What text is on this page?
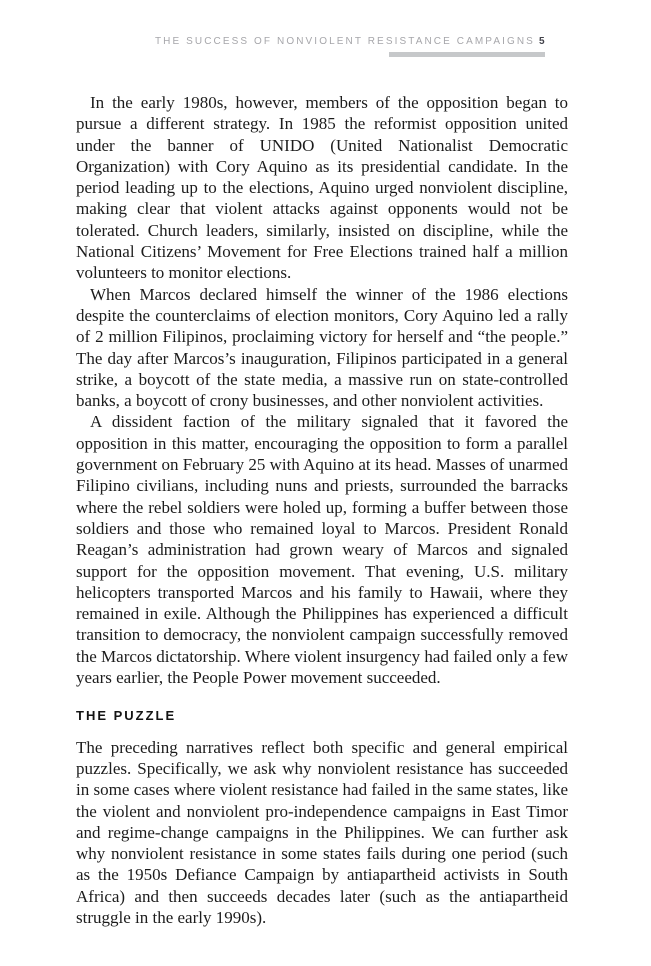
THE SUCCESS OF NONVIOLENT RESISTANCE CAMPAIGNS 5

In the early 1980s, however, members of the opposition began to pursue a different strategy. In 1985 the reformist opposition united under the banner of UNIDO (United Nationalist Democratic Organization) with Cory Aquino as its presidential candidate. In the period leading up to the elections, Aquino urged nonviolent discipline, making clear that violent attacks against opponents would not be tolerated. Church leaders, similarly, insisted on discipline, while the National Citizens’ Movement for Free Elections trained half a million volunteers to monitor elections.

When Marcos declared himself the winner of the 1986 elections despite the counterclaims of election monitors, Cory Aquino led a rally of 2 million Filipinos, proclaiming victory for herself and “the people.” The day after Marcos’s inauguration, Filipinos participated in a general strike, a boycott of the state media, a massive run on state-controlled banks, a boycott of crony businesses, and other nonviolent activities.

A dissident faction of the military signaled that it favored the opposition in this matter, encouraging the opposition to form a parallel government on February 25 with Aquino at its head. Masses of unarmed Filipino civilians, including nuns and priests, surrounded the barracks where the rebel soldiers were holed up, forming a buffer between those soldiers and those who remained loyal to Marcos. President Ronald Reagan’s administration had grown weary of Marcos and signaled support for the opposition movement. That evening, U.S. military helicopters transported Marcos and his family to Hawaii, where they remained in exile. Although the Philippines has experienced a difficult transition to democracy, the nonviolent campaign successfully removed the Marcos dictatorship. Where violent insurgency had failed only a few years earlier, the People Power movement succeeded.

THE PUZZLE

The preceding narratives reflect both specific and general empirical puzzles. Specifically, we ask why nonviolent resistance has succeeded in some cases where violent resistance had failed in the same states, like the violent and nonviolent pro-independence campaigns in East Timor and regime-change campaigns in the Philippines. We can further ask why nonviolent resistance in some states fails during one period (such as the 1950s Defiance Campaign by antiapartheid activists in South Africa) and then succeeds decades later (such as the antiapartheid struggle in the early 1990s).
